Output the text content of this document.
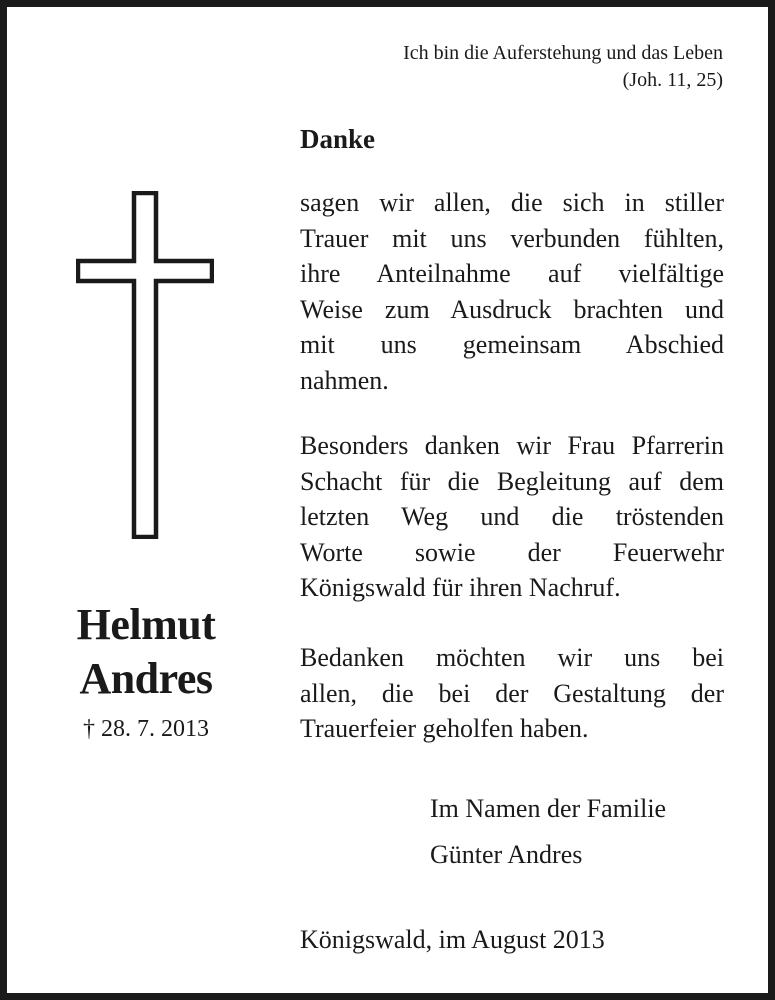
Ich bin die Auferstehung und das Leben
(Joh. 11, 25)
Danke
sagen wir allen, die sich in stiller
Trauer mit uns verbunden fühlten,
ihre Anteilnahme auf vielfältige
Weise zum Ausdruck brachten und
mit uns gemeinsam Abschied
nahmen.
Besonders danken wir Frau Pfarrerin
Schacht für die Begleitung auf dem
letzten Weg und die tröstenden
Worte sowie der Feuerwehr
Königswald für ihren Nachruf.
Bedanken möchten wir uns bei
allen, die bei der Gestaltung der
Trauerfeier geholfen haben.
Im Namen der Familie
Günter Andres
Königswald, im August 2013
Helmut
Andres
† 28. 7. 2013
